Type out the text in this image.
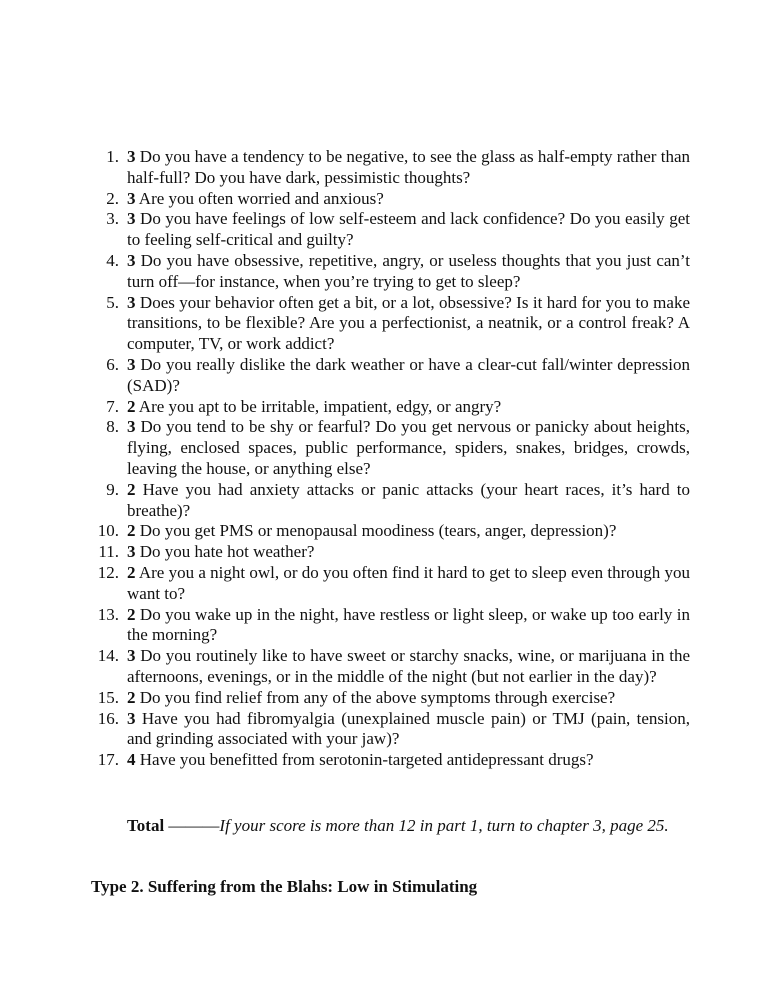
1. 3 Do you have a tendency to be negative, to see the glass as half-empty rather than half-full? Do you have dark, pessimistic thoughts?
2. 3 Are you often worried and anxious?
3. 3 Do you have feelings of low self-esteem and lack confidence? Do you easily get to feeling self-critical and guilty?
4. 3 Do you have obsessive, repetitive, angry, or useless thoughts that you just can’t turn off—for instance, when you’re trying to get to sleep?
5. 3 Does your behavior often get a bit, or a lot, obsessive? Is it hard for you to make transitions, to be flexible? Are you a perfectionist, a neatnik, or a control freak? A computer, TV, or work addict?
6. 3 Do you really dislike the dark weather or have a clear-cut fall/winter depression (SAD)?
7. 2 Are you apt to be irritable, impatient, edgy, or angry?
8. 3 Do you tend to be shy or fearful? Do you get nervous or panicky about heights, flying, enclosed spaces, public performance, spiders, snakes, bridges, crowds, leaving the house, or anything else?
9. 2 Have you had anxiety attacks or panic attacks (your heart races, it’s hard to breathe)?
10. 2 Do you get PMS or menopausal moodiness (tears, anger, depression)?
11. 3 Do you hate hot weather?
12. 2 Are you a night owl, or do you often find it hard to get to sleep even through you want to?
13. 2 Do you wake up in the night, have restless or light sleep, or wake up too early in the morning?
14. 3 Do you routinely like to have sweet or starchy snacks, wine, or marijuana in the afternoons, evenings, or in the middle of the night (but not earlier in the day)?
15. 2 Do you find relief from any of the above symptoms through exercise?
16. 3 Have you had fibromyalgia (unexplained muscle pain) or TMJ (pain, tension, and grinding associated with your jaw)?
17. 4 Have you benefitted from serotonin-targeted antidepressant drugs?
Total ———If your score is more than 12 in part 1, turn to chapter 3, page 25.
Type 2. Suffering from the Blahs: Low in Stimulating
